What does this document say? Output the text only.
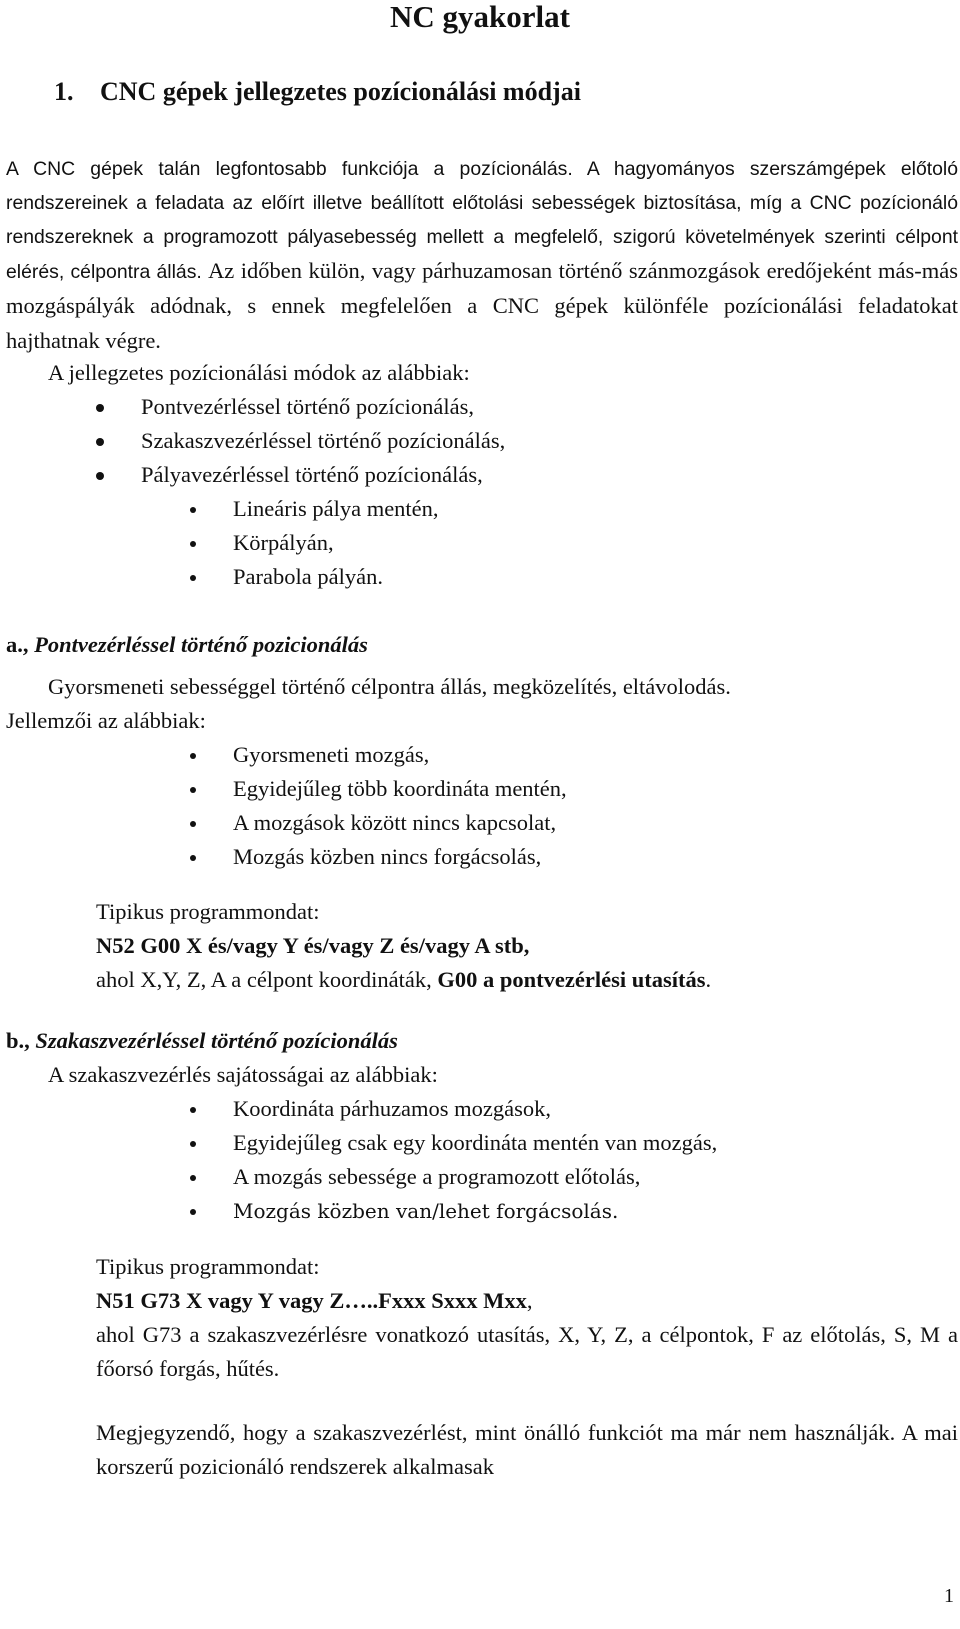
NC gyakorlat
1. CNC gépek jellegzetes pozícionálási módjai
A CNC gépek talán legfontosabb funkciója a pozícionálás. A hagyományos szerszámgépek előtoló rendszereinek a feladata az előírt illetve beállított előtolási sebességek biztosítása, míg a CNC pozícionáló rendszereknek a programozott pályasebesség mellett a megfelelő, szigorú követelmények szerinti célpont elérés, célpontra állás. Az időben külön, vagy párhuzamosan történő szánmozgások eredőjeként más-más mozgáspályák adódnak, s ennek megfelelően a CNC gépek különféle pozícionálási feladatokat hajthatnak végre.
A jellegzetes pozícionálási módok az alábbiak:
Pontvezérléssel történő pozícionálás,
Szakaszvezérléssel történő pozícionálás,
Pályavezérléssel történő pozícionálás,
Lineáris pálya mentén,
Körpályán,
Parabola pályán.
a., Pontvezérléssel történő pozicionálás
Gyorsmeneti sebességgel történő célpontra állás, megközelítés, eltávolodás.
Jellemzői az alábbiak:
Gyorsmeneti mozgás,
Egyidejűleg több koordináta mentén,
A mozgások között nincs kapcsolat,
Mozgás közben nincs forgácsolás,
Tipikus programmondat:
N52 G00 X és/vagy Y és/vagy Z és/vagy A stb,
ahol X,Y, Z, A a célpont koordináták, G00 a pontvezérlési utasítás.
b., Szakaszvezérléssel történő pozícionálás
A szakaszvezérlés sajátosságai az alábbiak:
Koordináta párhuzamos mozgások,
Egyidejűleg csak egy koordináta mentén van mozgás,
A mozgás sebessége a programozott előtolás,
Mozgás közben van/lehet forgácsolás.
Tipikus programmondat:
N51 G73 X vagy Y vagy Z…..Fxxx Sxxx Mxx,
ahol G73 a szakaszvezérlésre vonatkozó utasítás, X, Y, Z, a célpontok, F az előtolás, S, M a főorsó forgás, hűtés.
Megjegyzendő, hogy a szakaszvezérlést, mint önálló funkciót ma már nem használják. A mai korszerű pozicionáló rendszerek alkalmasak
1
